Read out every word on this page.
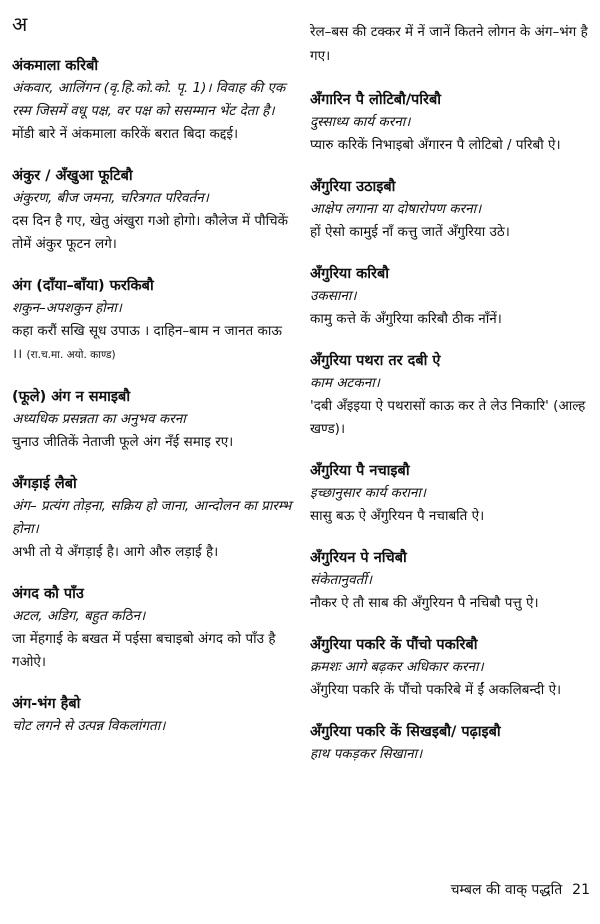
अ
अंकमाला करिबौ
अंकवार, आलिंगन (वृ.हि.को.को. पृ. 1)। विवाह की एक रस्म जिसमें वधू पक्ष, वर पक्ष को ससम्मान भेंट देता है।
मोंडी बारे नें अंकमाला करिकें बरात बिदा कद्दई।
अंकुर / अँखुआ फूटिबौ
अंकुरण, बीज जमना, चरित्रगत परिवर्तन।
दस दिन है गए, खेतु अंखुरा गओ होगो। कौलेज में पौचिकें तोमें अंकुर फूटन लगे।
अंग (दाँया–बाँया) फरकिबौ
शकुन–अपशकुन होना।
कहा करौं सखि सूध उपाऊ । दाहिन–बाम न जानत काऊ ।। (रा.च.मा. अयो. काण्ड)
(फूले) अंग न समाइबौ
अध्यधिक प्रसन्नता का अनुभव करना
चुनाउ जीतिकें नेताजी फूले अंग नँई समाइ रए।
अँगड़ाई लैबो
अंग– प्रत्यंग तोड़ना, सक्रिय हो जाना, आन्दोलन का प्रारम्भ होना।
अभी तो ये अँगड़ाई है। आगे औरु लड़ाई है।
अंगद कौ पाँउ
अटल, अडिग, बहुत कठिन।
जा मेंहगाई के बखत में पईसा बचाइबो अंगद को पाँउ है गओऐ।
अंग-भंग हैबो
चोट लगने से उत्पन्न विकलांगता।
रेल–बस की टक्कर में नें जानें कितने लोगन के अंग–भंग है गए।
अँगारिन पै लोटिबौ/परिबौ
दुस्साध्य कार्य करना।
प्यारु करिकें निभाइबो अँगारन पै लोटिबो / परिबौ ऐ।
अँगुरिया उठाइबौ
आक्षेप लगाना या दोषारोपण करना।
हों ऐसो कामुई नाँ कत्तु जातें अँगुरिया उठे।
अँगुरिया करिबौ
उकसाना।
कामु कत्ते कें अँगुरिया करिबौ ठीक नाँनें।
अँगुरिया पथरा तर दबी ऐ
काम अटकना।
'दबी अँइइया ऐ पथरासों काऊ कर ते लेउ निकारि' (आल्ह खण्ड)।
अँगुरिया पै नचाइबौ
इच्छानुसार कार्य कराना।
सासु बऊ ऐ अँगुरियन पै नचाबति ऐ।
अँगुरियन पे नचिबौ
संकेतानुवर्ती।
नौकर ऐ तौ साब की अँगुरियन पै नचिबौ पत्तु ऐ।
अँगुरिया पकरि कें पौंचो पकरिबौ
क्रमशः आगे बढ़कर अधिकार करना।
अँगुरिया पकरि कें पौंचो पकरिबे में ईं अकलिबन्दी ऐ।
अँगुरिया पकरि कें सिखइबौ/ पढ़ाइबौ
हाथ पकड़कर सिखाना।
चम्बल की वाक् पद्धति 21
